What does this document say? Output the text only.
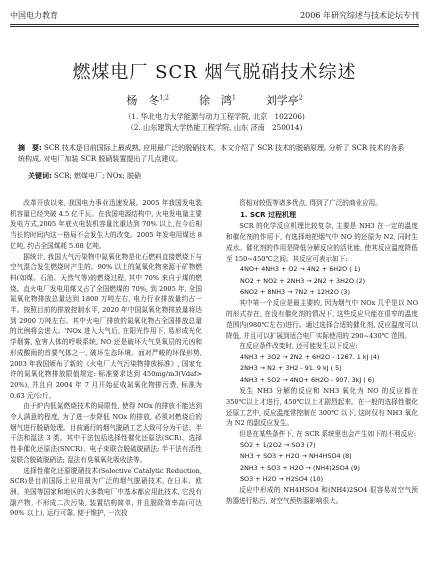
中国电力教育	2006 年研究综述与技术论坛专刊
燃煤电厂 SCR 烟气脱硝技术综述
杨　冬$^{1,2}$	徐　鸿$^1$	刘学亭$^2$
（1. 华北电力大学能源与动力工程学院, 北京　102206)
（2. 山东建筑大学热能工程学院, 山东 济南　250014)
摘　要: SCR 技术是目前国际上最成熟, 应用最广泛的脱硝技术。本文介绍了 SCR 技术的脱硝原理, 分析了 SCR 技术的各系统构成, 对电厂加装 SCR 脱硝装置提出了几点建议。
关键词: SCR; 燃煤电厂; NOx; 脱硝

改革开放以来, 我国电力事业迅速发展。2005 年我国发电装机容量已经突破 4.5 亿千瓦。在我国电源结构中, 火电发电量主要发电方式,2005 年底火电装机容量比重达到 70% 以上,在今后相当长的时间内这一格局不会发生大的改变。2005 年发电用煤达 8 亿吨, 约占全国煤耗 5.68 亿吨。

据统计, 我国大气污染物中氮氧化物是化石燃料直接燃烧下与空气混合发生燃烧时产生的。90% 以上的氮氧化物来源于矿物燃料(如煤、石油、天然气等)的燃烧过程, 其中 70% 来自于煤的燃烧。直火电厂发电用煤又占了全国燃煤的 70%, 到 2005 年, 全国氮氧化物排放总量达到 1800 万吨左右, 电力行业排放量约占一半。按照目前的排放控制水平, 2020 年中国氮氧化物排放量将达到 2900 万吨左右。其中火电厂排放的氮氧化物占全国排放总量的比例将会进大。'NOx 进入大气后, 在阳光作用下, 易形成光化学烟雾, 危害人体的呼吸系统, NO 还是破坏大气臭氧层的元凶和形成酸雨的首要气体之一, 破坏生态环境。面对严峻的环保形势, 2003 年我国颁布了新的《火电厂大气污染物排放标准》, 国家允许的氮氧化物排放限值规定: 标准要求达到 450mg/m3(Vdaf> 20%), 并且自 2004 年 7 月开始征收氮氧化物排污费, 标准为 0.63 元/公斤。

由于炉内低氮燃烧技术的局限性, 使得 NOx 的排放不能达到令人满意的程度, 为了进一步降低 NOx 的排放, 必须对燃烧后的烟气进行脱硝处理。目前通行的烟气脱硝工艺大致可分为干法、半干法和湿法 3 类。其中干法包括选择性催化还原法(SCR)、选择性非催化还原法(SNCR)、电子束联合脱硫脱硝法; 半干法有活性炭联合脱硫脱硝法; 湿法有臭氧氧化吸收法等。

选择性催化还原脱硝技术(Selective Catalytic Reduction, SCR)是目前国际上应用最为广泛的烟气脱硝技术, 在日本、欧洲、美国等国家和地区的大多数电厂中基本都应用此技术, 它没有副产物, 不形成二次污染, 装置结构简单, 并且脱除效率高(可达 90% 以上), 运行可靠, 便于维护, 一次投

资相对较低等诸多优点, 得到了广泛的商业应用。

1. SCR 过程机理

SCR 的化学反应机理比较复杂, 主要是 NH3 在一定的温度和催化剂的作用下, 有选择地把烟气中 NO 的还原为 N2, 同时生成水。催化剂的作用是降低分解反应的活化能, 使其反应温度降低至 150~450℃之间。其反应可表示如下:

4NO+ 4NH3 + O2 → 4N2 + 6H2O ( 1)
NO2 + NO2 + 2NH3 → 2N2 + 3H2O (2)
6NO2 + 8NH3 → 7N2 + 12H2O (3)

其中第一个反应是最主要的, 因为烟气中 NOx 几乎是以 NO 的形式存在, 在没有催化剂的情况下, 这些反应只能在很窄的温度范围内(980℃左右)进行。通过选择合适的催化剂, 反应温度可以降低, 并且可以扩展到适合电厂实际使用的 290~430℃ 范围。

在反应条件改变时, 还可能发生以下反应:

4NH3 + 3O2 → 2N2 + 6H2O - 1267. 1 kJ (4)
2NH3 → N2 + 3H2 - 91. 9 kJ ( 5)
4NH3 + 5O2 → 4NO+ 6H2O - 907. 3kJ ( 6)

发生 NH3 分解的反应和 NH3 氧化为 NO 的反应都在 350℃以上才进行, 450℃以上才剧烈起来。在一般的选择性催化还原工艺中, 反应温度常控制在 300℃ 以下, 这时仅有 NH3 氧化为 N2 的副反应发生。

但是在某些条件下, 在 SCR 系统里也会产生如下的不利反应:

SO2 + 1/2O2 → SO3 (7)
NH3 + SO3 + H2O → NH4HSO4 (8)
2NH3 + SO3 + H2O → (NH4)2SO4 (9)
SO3 + H2O → H2SO4 (10)

反应中形成的 NH4HSO4 和(NH4)2SO4 很容易对空气预热器进行粘污, 对空气预热器影响很大。
